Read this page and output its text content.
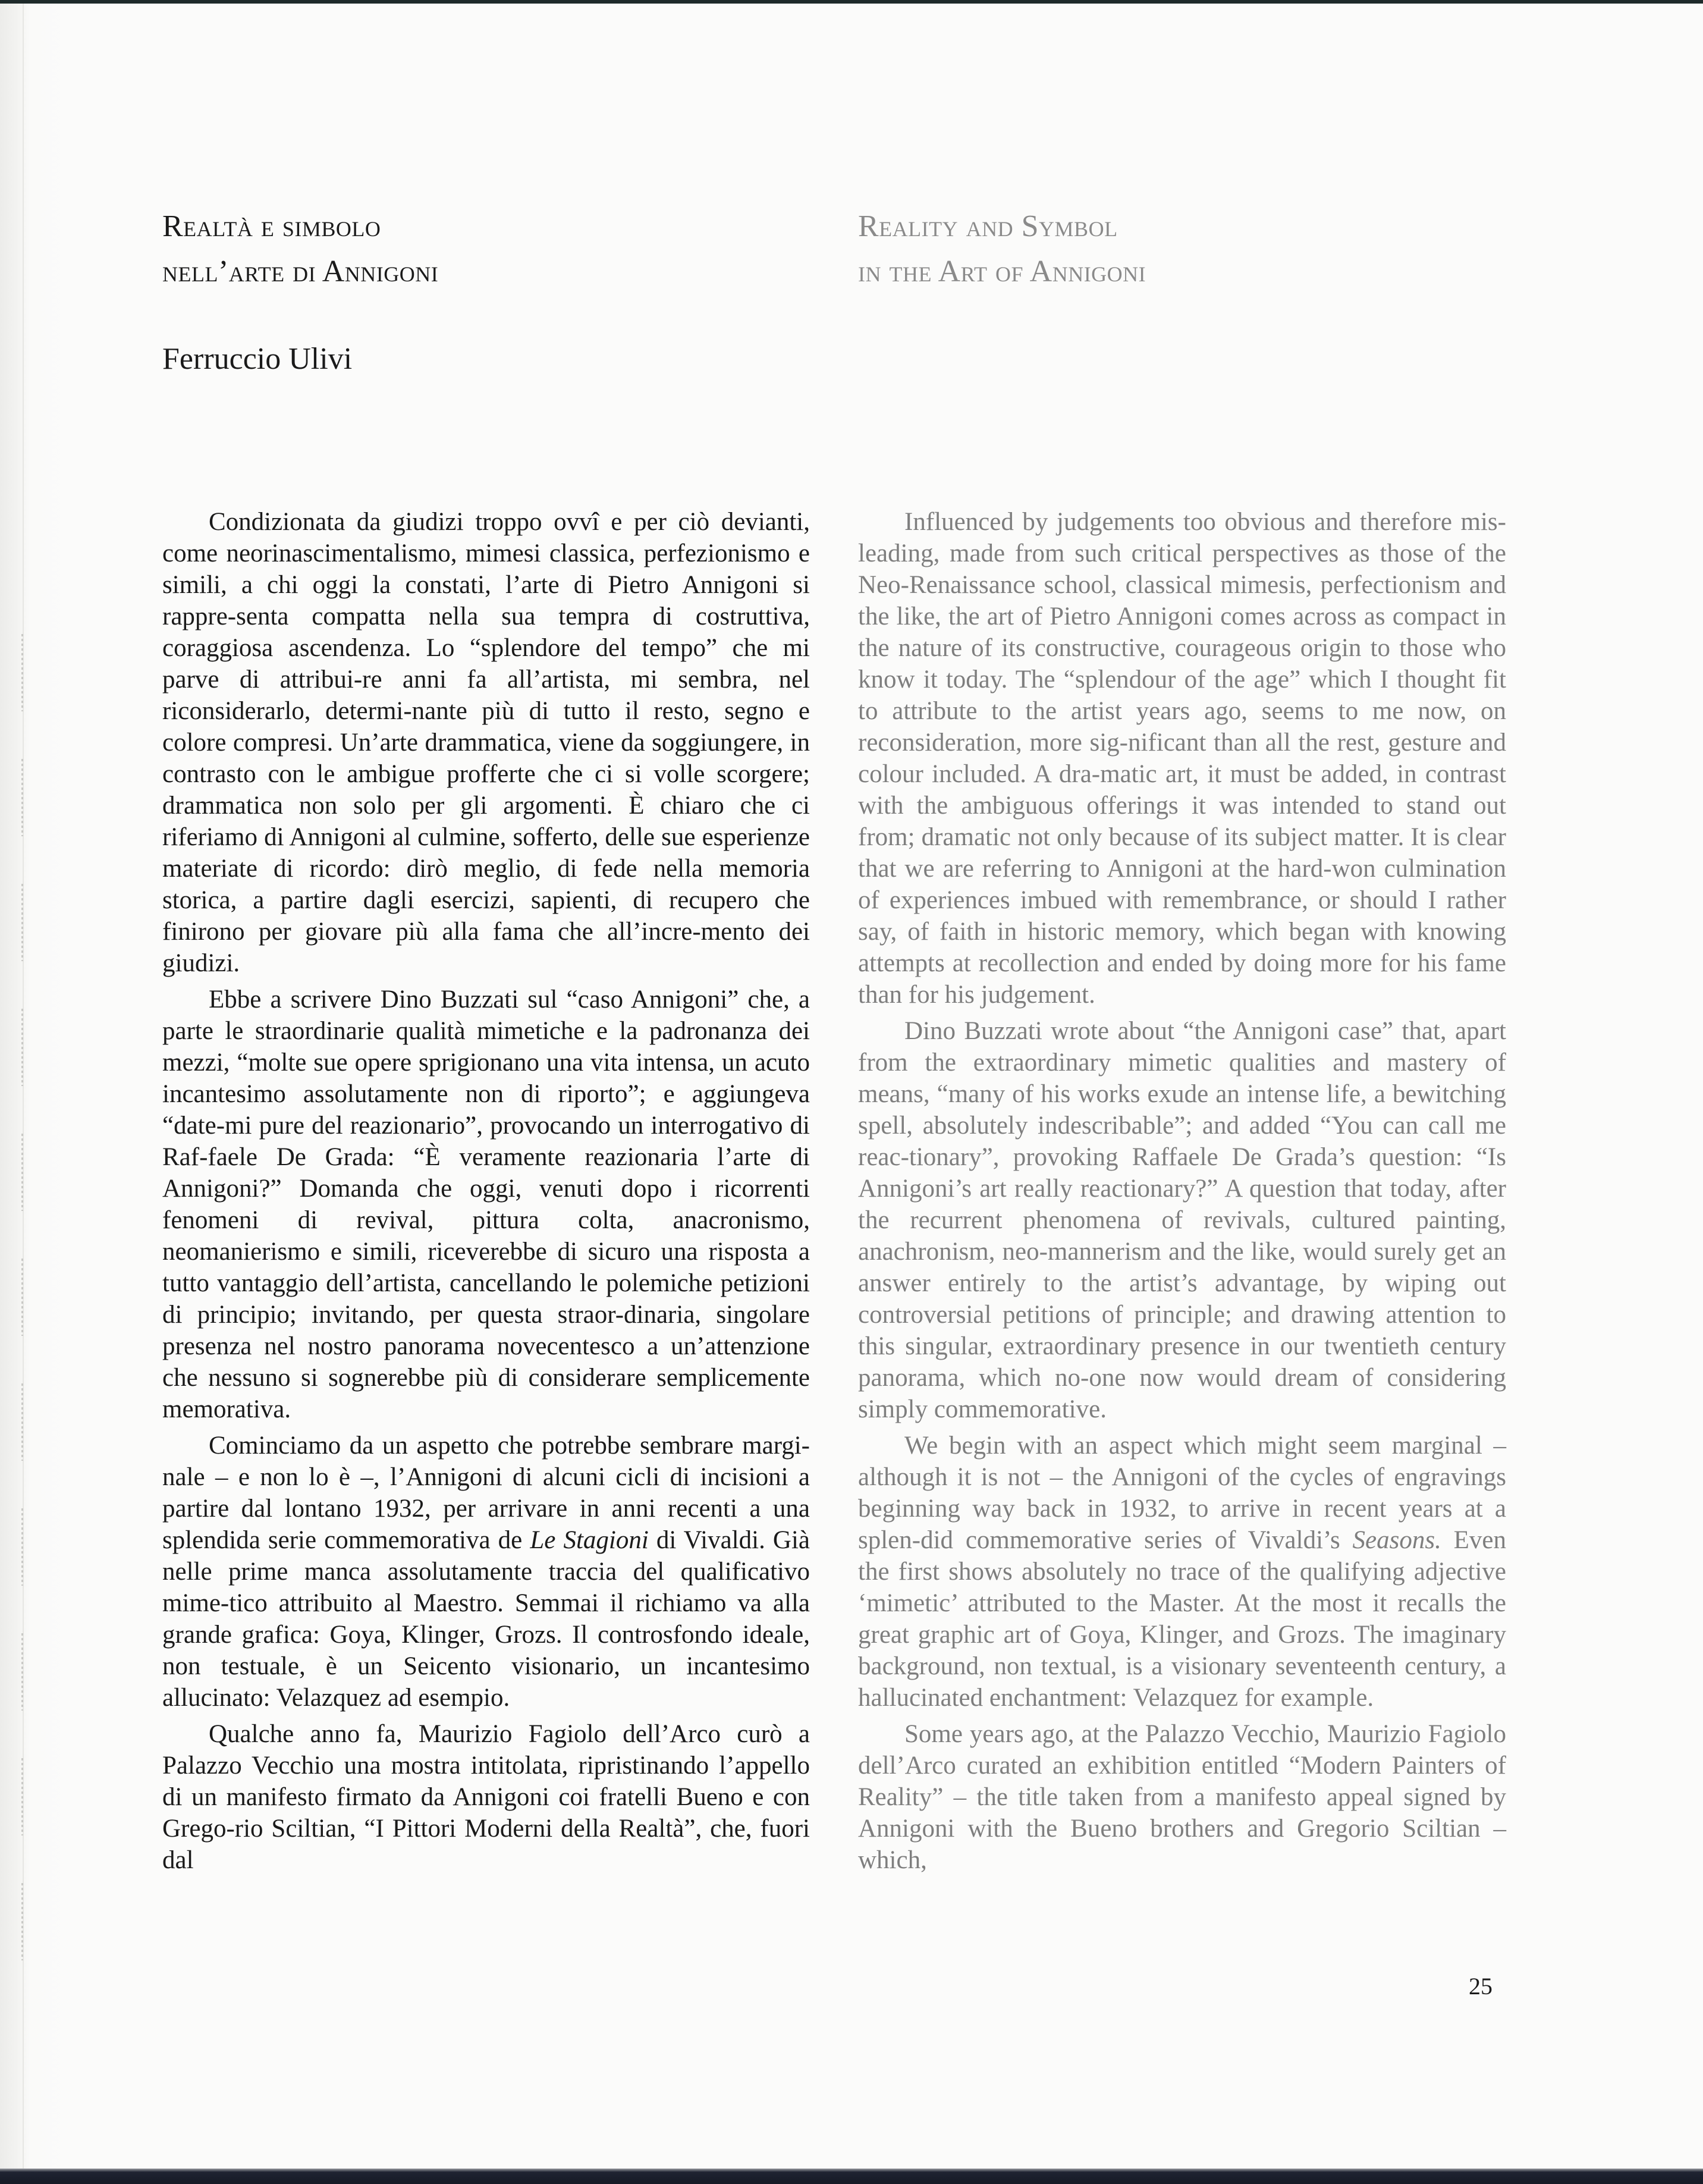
Realtà e simbolo
nell’arte di Annigoni
Reality and Symbol
in the Art of Annigoni
Ferruccio Ulivi

Condizionata da giudizi troppo ovvî e per ciò devianti, come neorinascimentalismo, mimesi classica, perfezionismo e simili, a chi oggi la constati, l’arte di Pietro Annigoni si rappre-senta compatta nella sua tempra di costruttiva, coraggiosa ascendenza. Lo “splendore del tempo” che mi parve di attribui-re anni fa all’artista, mi sembra, nel riconsiderarlo, determi-nante più di tutto il resto, segno e colore compresi. Un’arte drammatica, viene da soggiungere, in contrasto con le ambigue profferte che ci si volle scorgere; drammatica non solo per gli argomenti. È chiaro che ci riferiamo di Annigoni al culmine, sofferto, delle sue esperienze materiate di ricordo: dirò meglio, di fede nella memoria storica, a partire dagli esercizi, sapienti, di recupero che finirono per giovare più alla fama che all’incre-mento dei giudizi.

Ebbe a scrivere Dino Buzzati sul “caso Annigoni” che, a parte le straordinarie qualità mimetiche e la padronanza dei mezzi, “molte sue opere sprigionano una vita intensa, un acuto incantesimo assolutamente non di riporto”; e aggiungeva “date-mi pure del reazionario”, provocando un interrogativo di Raf-faele De Grada: “È veramente reazionaria l’arte di Annigoni?” Domanda che oggi, venuti dopo i ricorrenti fenomeni di revival, pittura colta, anacronismo, neomanierismo e simili, riceverebbe di sicuro una risposta a tutto vantaggio dell’artista, cancellando le polemiche petizioni di principio; invitando, per questa straor-dinaria, singolare presenza nel nostro panorama novecentesco a un’attenzione che nessuno si sognerebbe più di considerare semplicemente memorativa.

Cominciamo da un aspetto che potrebbe sembrare margi-nale – e non lo è –, l’Annigoni di alcuni cicli di incisioni a partire dal lontano 1932, per arrivare in anni recenti a una splendida serie commemorativa de Le Stagioni di Vivaldi. Già nelle prime manca assolutamente traccia del qualificativo mime-tico attribuito al Maestro. Semmai il richiamo va alla grande grafica: Goya, Klinger, Grozs. Il controsfondo ideale, non testuale, è un Seicento visionario, un incantesimo allucinato: Velazquez ad esempio.

Qualche anno fa, Maurizio Fagiolo dell’Arco curò a Palazzo Vecchio una mostra intitolata, ripristinando l’appello di un manifesto firmato da Annigoni coi fratelli Bueno e con Grego-rio Sciltian, “I Pittori Moderni della Realtà”, che, fuori dal

Influenced by judgements too obvious and therefore mis-leading, made from such critical perspectives as those of the Neo-Renaissance school, classical mimesis, perfectionism and the like, the art of Pietro Annigoni comes across as compact in the nature of its constructive, courageous origin to those who know it today. The “splendour of the age” which I thought fit to attribute to the artist years ago, seems to me now, on reconsideration, more sig-nificant than all the rest, gesture and colour included. A dra-matic art, it must be added, in contrast with the ambiguous offerings it was intended to stand out from; dramatic not only because of its subject matter. It is clear that we are referring to Annigoni at the hard-won culmination of experiences imbued with remembrance, or should I rather say, of faith in historic memory, which began with knowing attempts at recollection and ended by doing more for his fame than for his judgement.

Dino Buzzati wrote about “the Annigoni case” that, apart from the extraordinary mimetic qualities and mastery of means, “many of his works exude an intense life, a bewitching spell, absolutely indescribable”; and added “You can call me reac-tionary”, provoking Raffaele De Grada’s question: “Is Annigoni’s art really reactionary?” A question that today, after the recurrent phenomena of revivals, cultured painting, anachronism, neo-mannerism and the like, would surely get an answer entirely to the artist’s advantage, by wiping out controversial petitions of principle; and drawing attention to this singular, extraordinary presence in our twentieth century panorama, which no-one now would dream of considering simply commemorative.

We begin with an aspect which might seem marginal – although it is not – the Annigoni of the cycles of engravings beginning way back in 1932, to arrive in recent years at a splen-did commemorative series of Vivaldi’s Seasons. Even the first shows absolutely no trace of the qualifying adjective ‘mimetic’ attributed to the Master. At the most it recalls the great graphic art of Goya, Klinger, and Grozs. The imaginary background, non textual, is a visionary seventeenth century, a hallucinated enchantment: Velazquez for example.

Some years ago, at the Palazzo Vecchio, Maurizio Fagiolo dell’Arco curated an exhibition entitled “Modern Painters of Reality” – the title taken from a manifesto appeal signed by Annigoni with the Bueno brothers and Gregorio Sciltian – which,

25
